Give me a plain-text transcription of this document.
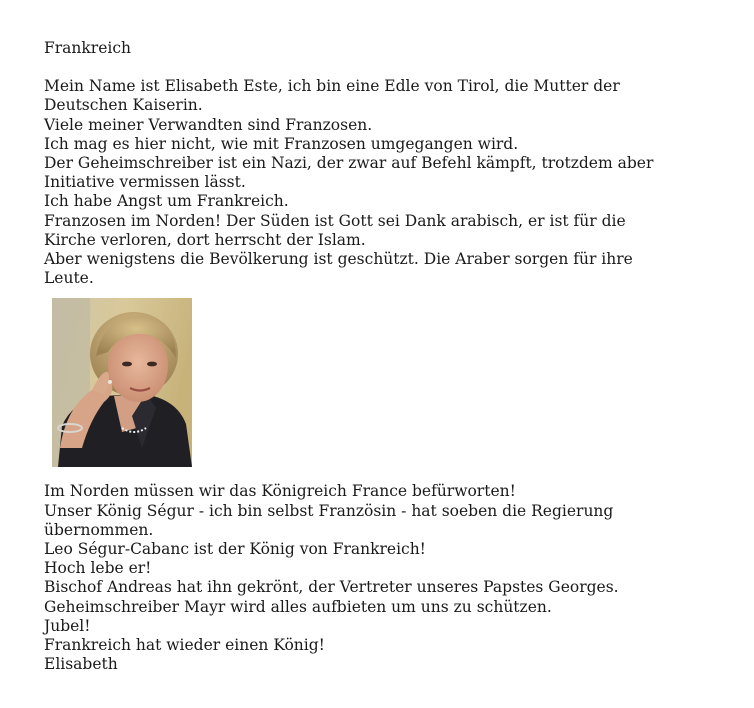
Frankreich

Mein Name ist Elisabeth Este, ich bin eine Edle von Tirol, die Mutter der

Deutschen Kaiserin.

Viele meiner Verwandten sind Franzosen.

Ich mag es hier nicht, wie mit Franzosen umgegangen wird.

Der Geheimschreiber ist ein Nazi, der zwar auf Befehl kämpft, trotzdem aber

Initiative vermissen lässt.

Ich habe Angst um Frankreich.

Franzosen im Norden! Der Süden ist Gott sei Dank arabisch, er ist für die

Kirche verloren, dort herrscht der Islam.

Aber wenigstens die Bevölkerung ist geschützt. Die Araber sorgen für ihre

Leute.

Im Norden müssen wir das Königreich France befürworten!

Unser König Ségur - ich bin selbst Französin - hat soeben die Regierung

übernommen.

Leo Ségur-Cabanc ist der König von Frankreich!

Hoch lebe er!

Bischof Andreas hat ihn gekrönt, der Vertreter unseres Papstes Georges.

Geheimschreiber Mayr wird alles aufbieten um uns zu schützen.

Jubel!

Frankreich hat wieder einen König!

Elisabeth
